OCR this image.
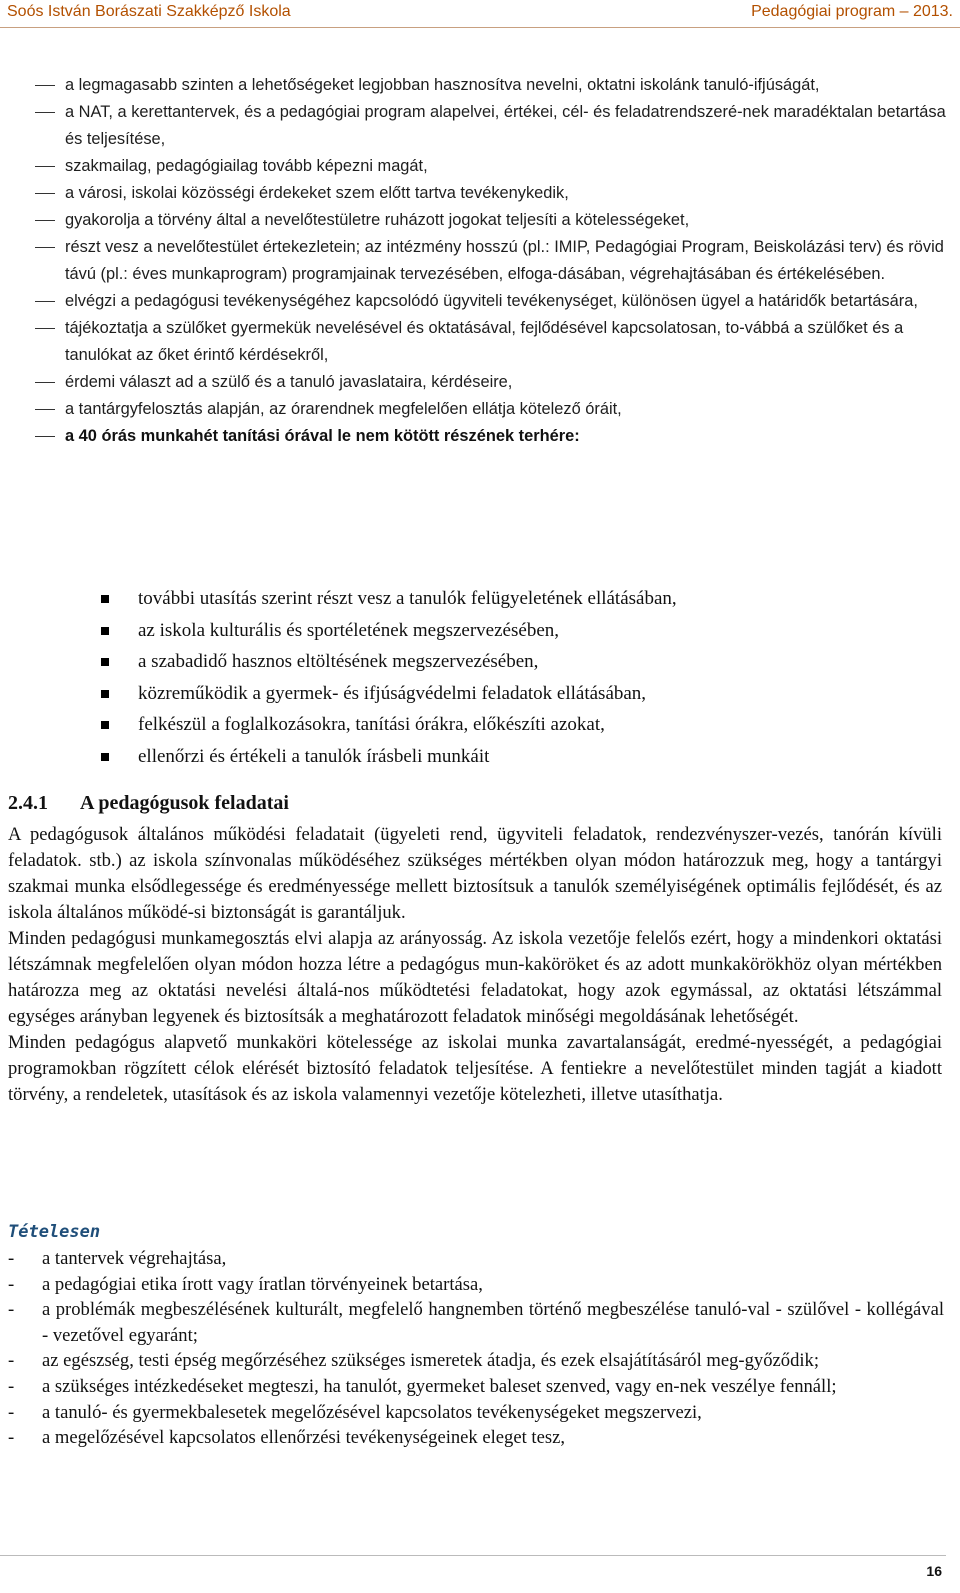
Soós István Borászati Szakképző Iskola	Pedagógiai program – 2013.
a legmagasabb szinten a lehetőségeket legjobban hasznosítva nevelni, oktatni iskolánk tanuló-ifjúságát,
a NAT, a kerettantervek, és a pedagógiai program alapelvei, értékei, cél- és feladatrendszeré-nek maradéktalan betartása és teljesítése,
szakmailag, pedagógiailag tovább képezni magát,
a városi, iskolai közösségi érdekeket szem előtt tartva tevékenykedik,
gyakorolja a törvény által a nevelőtestületre ruházott jogokat teljesíti a kötelességeket,
részt vesz a nevelőtestület értekezletein; az intézmény hosszú (pl.: IMIP, Pedagógiai Program, Beiskolázási terv) és rövid távú (pl.: éves munkaprogram) programjainak tervezésében, elfoga-dásában, végrehajtásában és értékelésében.
elvégzi a pedagógusi tevékenységéhez kapcsolódó ügyviteli tevékenységet, különösen ügyel a határidők betartására,
tájékoztatja a szülőket gyermekük nevelésével és oktatásával, fejlődésével kapcsolatosan, to-vábbá a szülőket és a tanulókat az őket érintő kérdésekről,
érdemi választ ad a szülő és a tanuló javaslataira, kérdéseire,
a tantárgyfelosztás alapján, az órarendnek megfelelően ellátja kötelező óráit,
a 40 órás munkahét tanítási órával le nem kötött részének terhére:
további utasítás szerint részt vesz a tanulók felügyeletének ellátásában,
az iskola kulturális és sportéletének megszervezésében,
a szabadidő hasznos eltöltésének megszervezésében,
közreműködik a gyermek- és ifjúságvédelmi feladatok ellátásában,
felkészül a foglalkozásokra, tanítási órákra, előkészíti azokat,
ellenőrzi és értékeli a tanulók írásbeli munkáit
2.4.1 A pedagógusok feladatai

A pedagógusok általános működési feladatait (ügyeleti rend, ügyviteli feladatok, rendezvényszer-vezés, tanórán kívüli feladatok. stb.) az iskola színvonalas működéséhez szükséges mértékben olyan módon határozzuk meg, hogy a tantárgyi szakmai munka elsődlegessége és eredményessége mellett biztosítsuk a tanulók személyiségének optimális fejlődését, és az iskola általános működé-si biztonságát is garantáljuk.

Minden pedagógusi munkamegosztás elvi alapja az arányosság. Az iskola vezetője felelős ezért, hogy a mindenkori oktatási létszámnak megfelelően olyan módon hozza létre a pedagógus mun-kaköröket és az adott munkakörökhöz olyan mértékben határozza meg az oktatási nevelési általá-nos működtetési feladatokat, hogy azok egymással, az oktatási létszámmal egységes arányban legyenek és biztosítsák a meghatározott feladatok minőségi megoldásának lehetőségét.

Minden pedagógus alapvető munkaköri kötelessége az iskolai munka zavartalanságát, eredmé-nyességét, a pedagógiai programokban rögzített célok elérését biztosító feladatok teljesítése. A fentiekre a nevelőtestület minden tagját a kiadott törvény, a rendeletek, utasítások és az iskola valamennyi vezetője kötelezheti, illetve utasíthatja.

Tételesen
- a tantervek végrehajtása,
- a pedagógiai etika írott vagy íratlan törvényeinek betartása,
- a problémák megbeszélésének kulturált, megfelelő hangnemben történő megbeszélése tanuló-val - szülővel - kollégával - vezetővel egyaránt;
- az egészség, testi épség megőrzéséhez szükséges ismeretek átadja, és ezek elsajátításáról meg-győződik;
- a szükséges intézkedéseket megteszi, ha tanulót, gyermeket baleset szenved, vagy en-nek veszélye fennáll;
- a tanuló- és gyermekbalesetek megelőzésével kapcsolatos tevékenységeket megszervezi,
- a megelőzésével kapcsolatos ellenőrzési tevékenységeinek eleget tesz,
16
